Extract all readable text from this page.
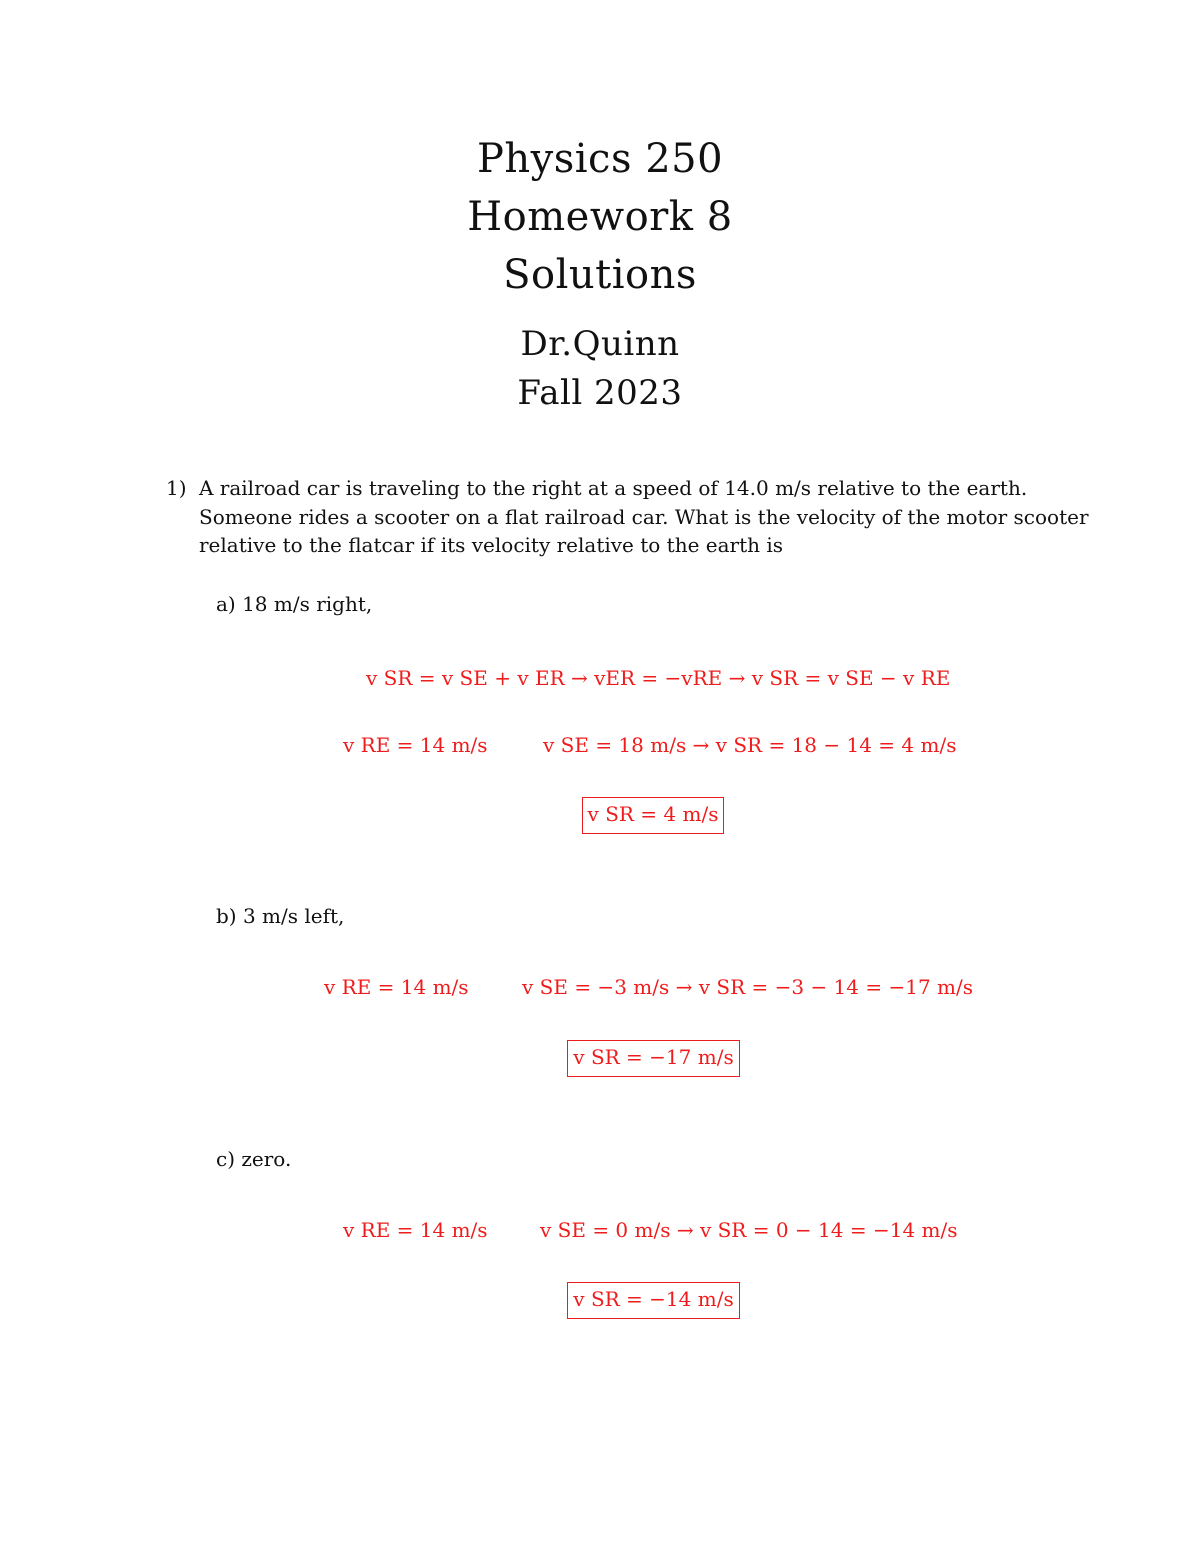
Physics 250
Homework 8
Solutions
Dr.Quinn
Fall 2023
1) A railroad car is traveling to the right at a speed of 14.0 m/s relative to the earth.
Someone rides a scooter on a flat railroad car. What is the velocity of the motor scooter
relative to the flatcar if its velocity relative to the earth is
a) 18 m/s right,
v SR = v SE + v ER → vER = −vRE → v SR = v SE − v RE
v RE = 14 m/s	v SE = 18 m/s → v SR = 18 − 14 = 4 m/s
v SR = 4 m/s
b) 3 m/s left,
v RE = 14 m/s	v SE = −3 m/s → v SR = −3 − 14 = −17 m/s
v SR = −17 m/s
c) zero.
v RE = 14 m/s	v SE = 0 m/s → v SR = 0 − 14 = −14 m/s
v SR = −14 m/s
